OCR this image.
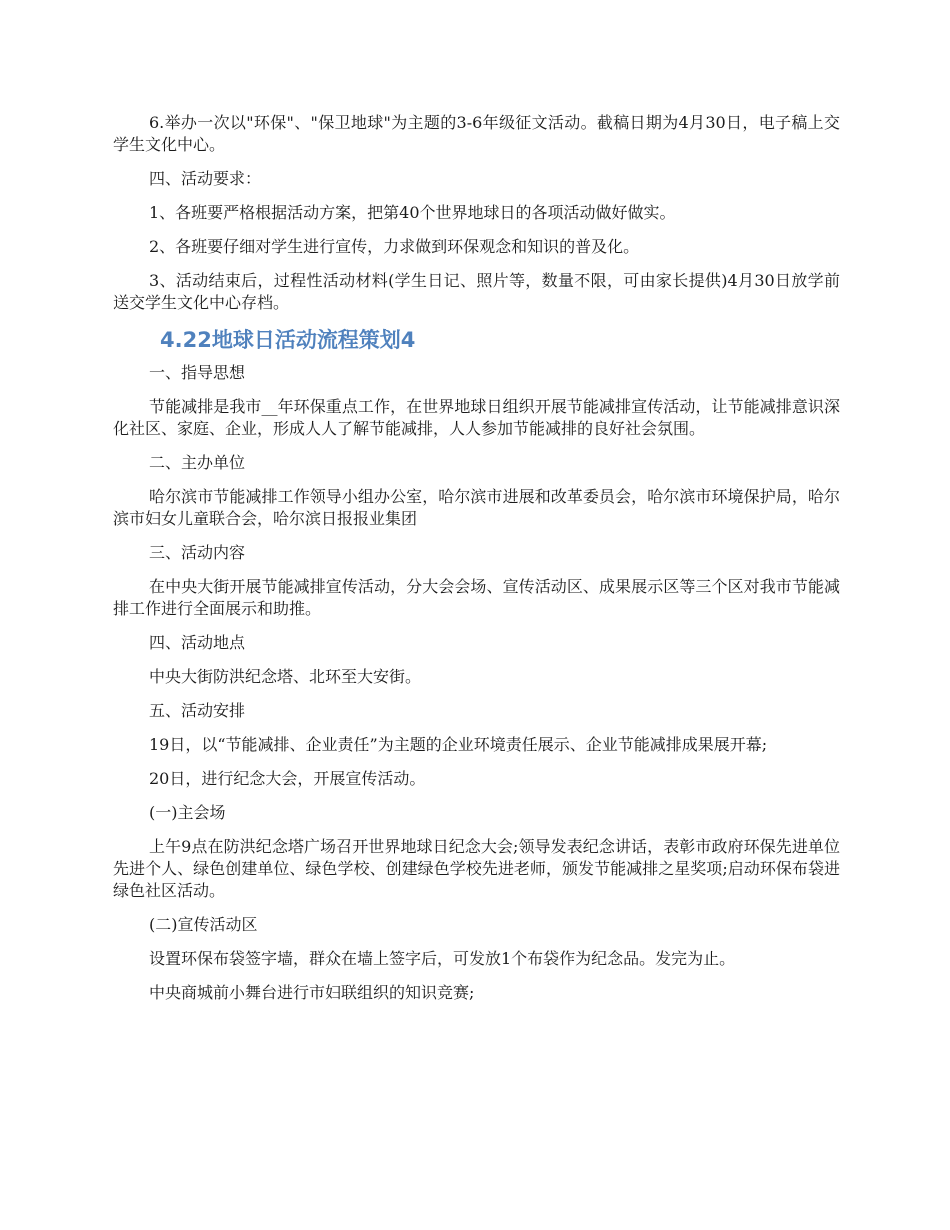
6.举办一次以"环保"、"保卫地球"为主题的3-6年级征文活动。截稿日期为4月30日，电子稿上交学生文化中心。

四、活动要求：

1、各班要严格根据活动方案，把第40个世界地球日的各项活动做好做实。

2、各班要仔细对学生进行宣传，力求做到环保观念和知识的普及化。

3、活动结束后，过程性活动材料(学生日记、照片等，数量不限，可由家长提供)4月30日放学前送交学生文化中心存档。

4.22地球日活动流程策划4

一、指导思想

节能减排是我市__年环保重点工作，在世界地球日组织开展节能减排宣传活动，让节能减排意识深化社区、家庭、企业，形成人人了解节能减排，人人参加节能减排的良好社会氛围。

二、主办单位

哈尔滨市节能减排工作领导小组办公室，哈尔滨市进展和改革委员会，哈尔滨市环境保护局，哈尔滨市妇女儿童联合会，哈尔滨日报报业集团

三、活动内容

在中央大街开展节能减排宣传活动，分大会会场、宣传活动区、成果展示区等三个区对我市节能减排工作进行全面展示和助推。

四、活动地点

中央大街防洪纪念塔、北环至大安街。

五、活动安排

19日，以“节能减排、企业责任”为主题的企业环境责任展示、企业节能减排成果展开幕;

20日，进行纪念大会，开展宣传活动。

(一)主会场

上午9点在防洪纪念塔广场召开世界地球日纪念大会;领导发表纪念讲话，表彰市政府环保先进单位先进个人、绿色创建单位、绿色学校、创建绿色学校先进老师，颁发节能减排之星奖项;启动环保布袋进绿色社区活动。

(二)宣传活动区

设置环保布袋签字墙，群众在墙上签字后，可发放1个布袋作为纪念品。发完为止。

中央商城前小舞台进行市妇联组织的知识竞赛;
